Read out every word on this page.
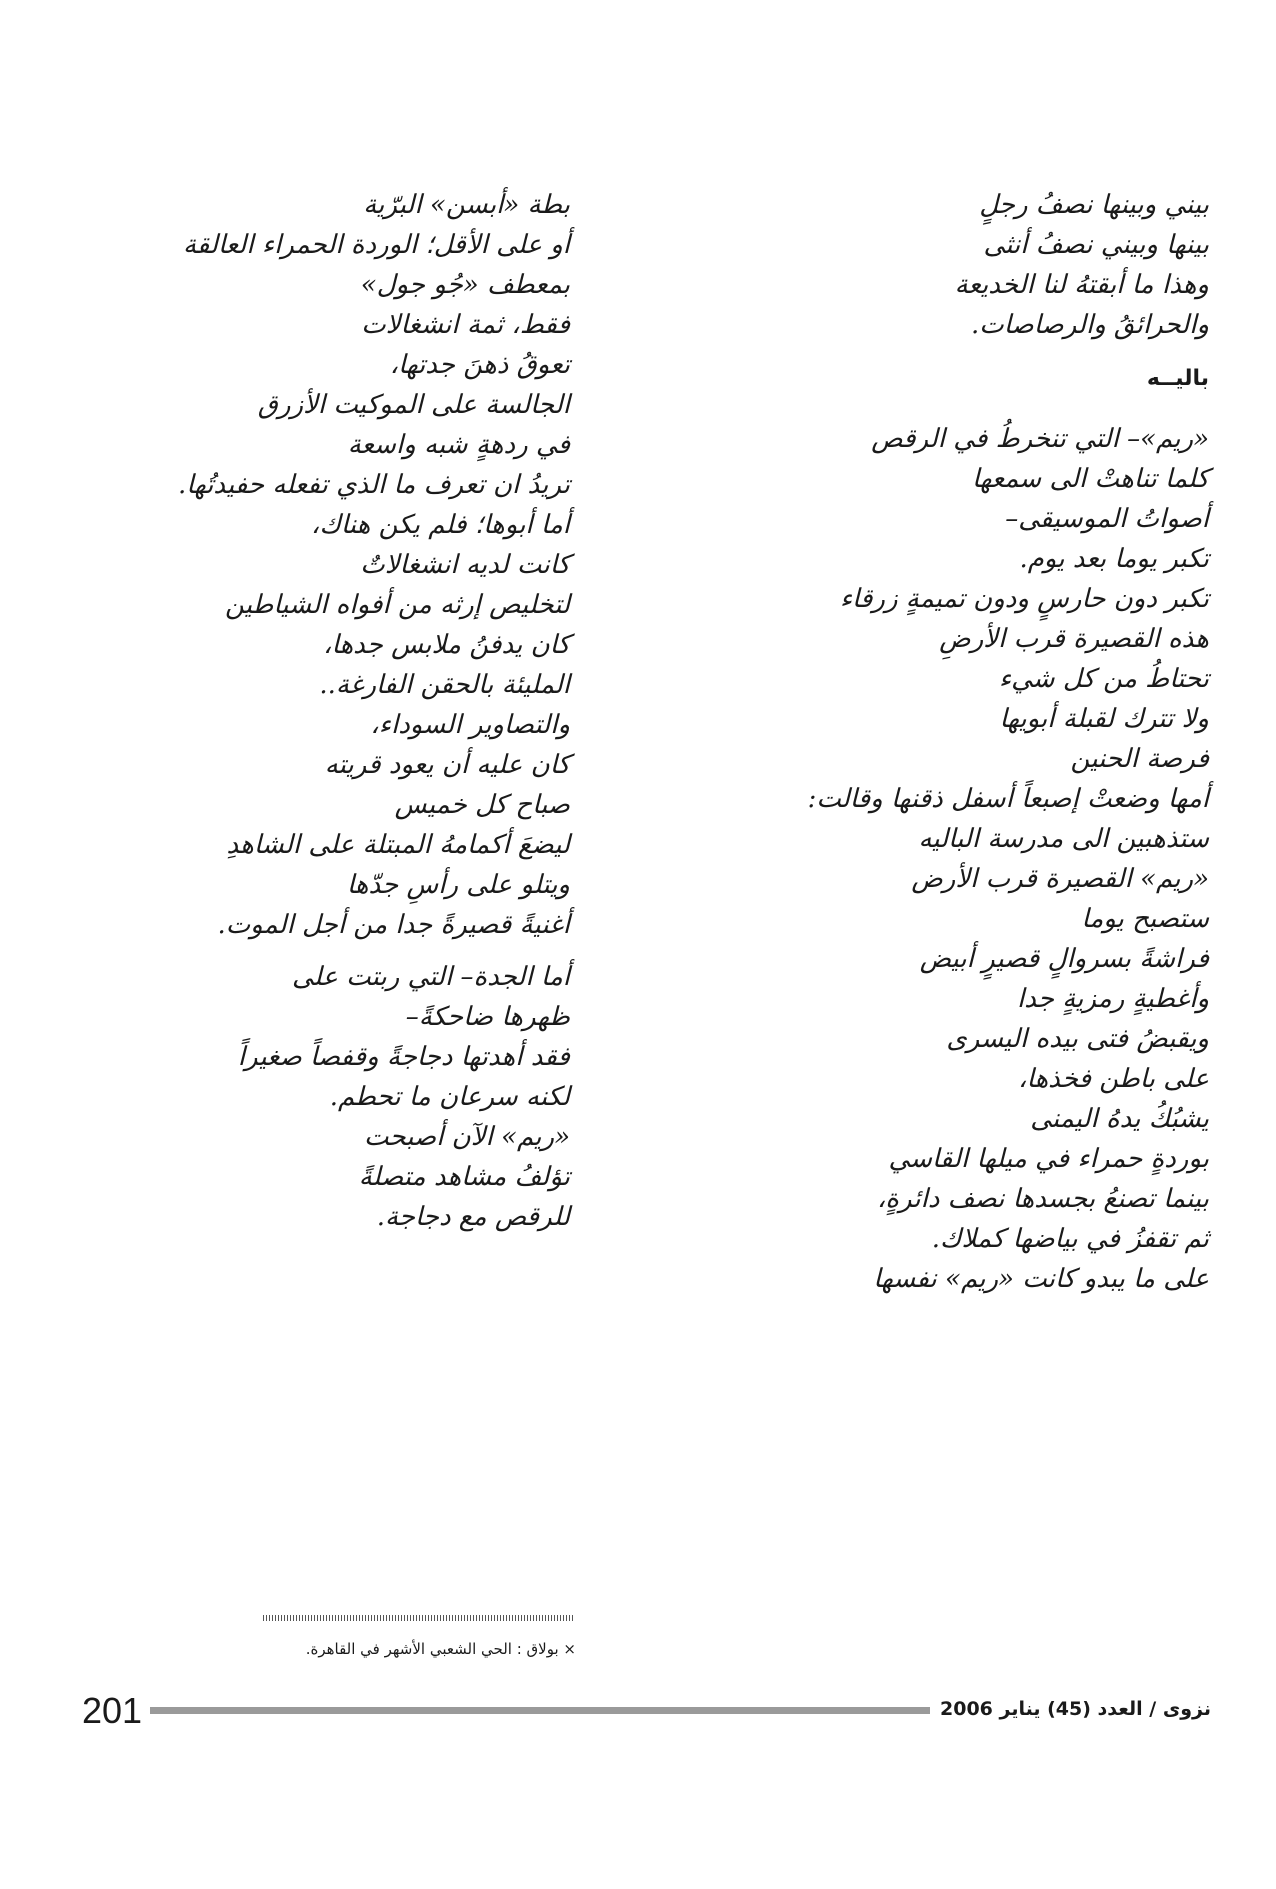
بيني وبينها نصفُ رجلٍ
بينها وبيني نصفُ أنثى
وهذا ما أبقتهُ لنا الخديعة
والحرائقُ والرصاصات.
باليــه
«ريم»– التي تنخرطُ في الرقص
كلما تناهتْ الى سمعها
أصواتُ الموسيقى–
تكبر يوما بعد يوم.
تكبر دون حارسٍ ودون تميمةٍ زرقاء
هذه القصيرة قرب الأرضِ
تحتاطُ من كل شيء
ولا تترك لقبلة أبويها
فرصة الحنين
أمها وضعتْ إصبعاً أسفل ذقنها وقالت:
ستذهبين الى مدرسة الباليه
«ريم» القصيرة قرب الأرض
ستصبح يوما
فراشةً بسروالٍ قصيرٍ أبيض
وأغطيةٍ رمزيةٍ جدا
ويقبضُ فتى بيده اليسرى
على باطن فخذها،
يشبُكُ يدهُ اليمنى
بوردةٍ حمراء في ميلها القاسي
بينما تصنعُ بجسدها نصف دائرةٍ،
ثم تقفزُ في بياضها كملاك.
على ما يبدو كانت «ريم» نفسها
بطة «أبسن» البرّية
أو على الأقل؛ الوردة الحمراء العالقة
بمعطف «جُو جول»
فقط، ثمة انشغالات
تعوقُ ذهنَ جدتها،
الجالسة على الموكيت الأزرق
في ردهةٍ شبه واسعة
تريدُ ان تعرف ما الذي تفعله حفيدتُها.
أما أبوها؛ فلم يكن هناك،
كانت لديه انشغالاتٌ
لتخليص إرثه من أفواه الشياطين
كان يدفنُ ملابس جدها،
المليئة بالحقن الفارغة..
والتصاوير السوداء،
كان عليه أن يعود قريته
صباح كل خميس
ليضعَ أكمامهُ المبتلة على الشاهدِ
ويتلو على رأسِ جدّها
أغنيةً قصيرةً جدا من أجل الموت.
أما الجدة– التي ربتت على
ظهرها ضاحكةً–
فقد أهدتها دجاجةً وقفصاً صغيراً
لكنه سرعان ما تحطم.
«ريم» الآن أصبحت
تؤلفُ مشاهد متصلةً
للرقص مع دجاجة.
× بولاق : الحي الشعبي الأشهر في القاهرة.
201	نزوى / العدد (45) يناير 2006
